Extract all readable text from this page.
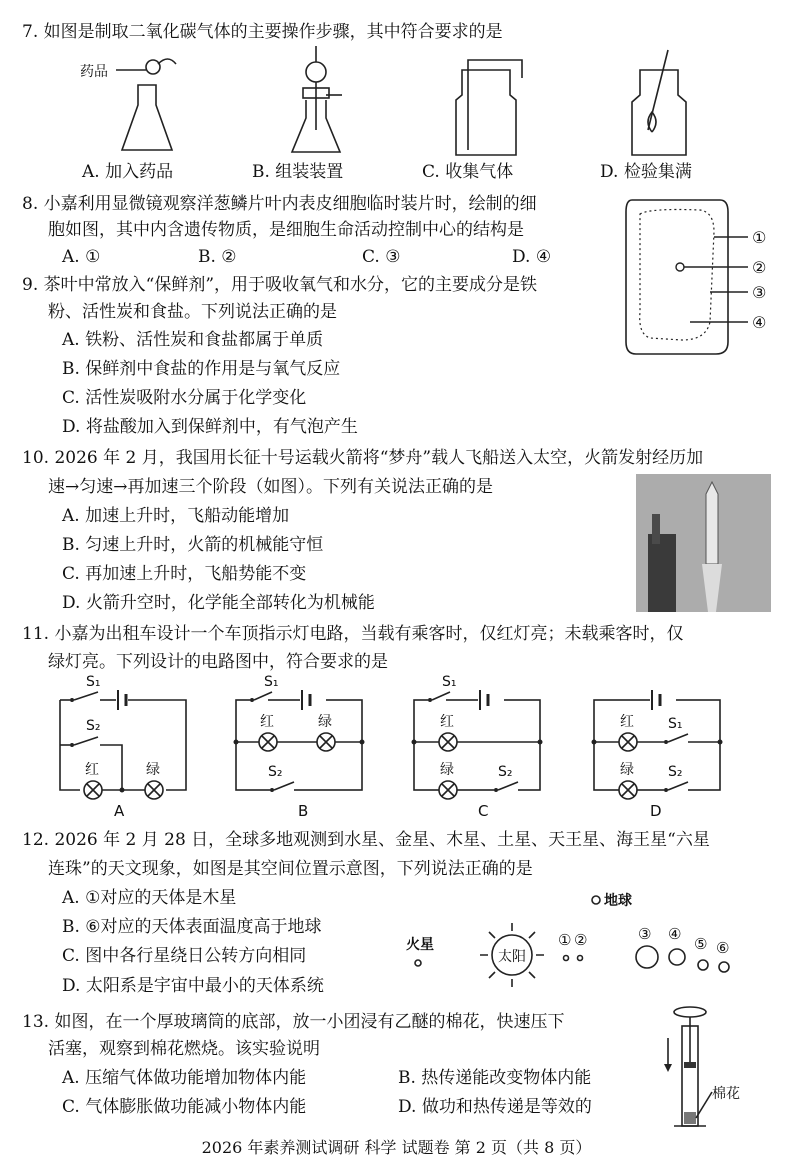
7. 如图是制取二氧化碳气体的主要操作步骤，其中符合要求的是
药品
A. 加入药品	B. 组装装置	C. 收集气体	D. 检验集满
8. 小嘉利用显微镜观察洋葱鳞片叶内表皮细胞临时装片时，绘制的细
胞如图，其中内含遗传物质，是细胞生命活动控制中心的结构是
A. ①	B. ②	C. ③	D. ④
①
②
③
④
9. 茶叶中常放入“保鲜剂”，用于吸收氧气和水分，它的主要成分是铁
粉、活性炭和食盐。下列说法正确的是
A. 铁粉、活性炭和食盐都属于单质
B. 保鲜剂中食盐的作用是与氧气反应
C. 活性炭吸附水分属于化学变化
D. 将盐酸加入到保鲜剂中，有气泡产生
10. 2026 年 2 月，我国用长征十号运载火箭将“梦舟”载人飞船送入太空，火箭发射经历加
速→匀速→再加速三个阶段（如图）。下列有关说法正确的是
A. 加速上升时，飞船动能增加
B. 匀速上升时，火箭的机械能守恒
C. 再加速上升时，飞船势能不变
D. 火箭升空时，化学能全部转化为机械能
11. 小嘉为出租车设计一个车顶指示灯电路，当载有乘客时，仅红灯亮；未载乘客时，仅
绿灯亮。下列设计的电路图中，符合要求的是
S₁
S₂
红	绿
A
S₁
红	绿
S₂
B
S₁
红
绿	S₂
C
红 S₁
绿 S₂
D
12. 2026 年 2 月 28 日，全球多地观测到水星、金星、木星、土星、天王星、海王星“六星
连珠”的天文现象，如图是其空间位置示意图，下列说法正确的是
A. ①对应的天体是木星
B. ⑥对应的天体表面温度高于地球
C. 图中各行星绕日公转方向相同
D. 太阳系是宇宙中最小的天体系统
地球
火星
太阳
① ②	③ ④
⑤ ⑥
13. 如图，在一个厚玻璃筒的底部，放一小团浸有乙醚的棉花，快速压下
活塞，观察到棉花燃烧。该实验说明
A. 压缩气体做功能增加物体内能	B. 热传递能改变物体内能
C. 气体膨胀做功能减小物体内能	D. 做功和热传递是等效的
棉花
2026 年素养测试调研 科学 试题卷 第 2 页（共 8 页）
